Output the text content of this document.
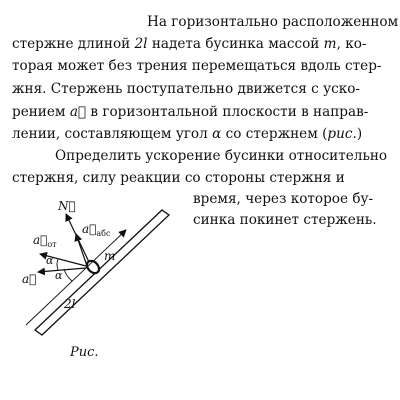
На горизонтально расположенном
стержне длиной 2l надета бусинка массой m, ко-
торая может без трения перемещаться вдоль стер-
жня. Стержень поступательно движется с уско-
рением a⃗ в горизонтальной плоскости в направ-
лении, составляющем угол α со стержнем (рис.)
Определить ускорение бусинки относительно
стержня, силу реакции со стороны стержня и
время, через которое бу-
синка покинет стержень.
N⃗
$a⃗_{абс}$
$a⃗_{от}$
α
α
a⃗
m
2l
Рис.
